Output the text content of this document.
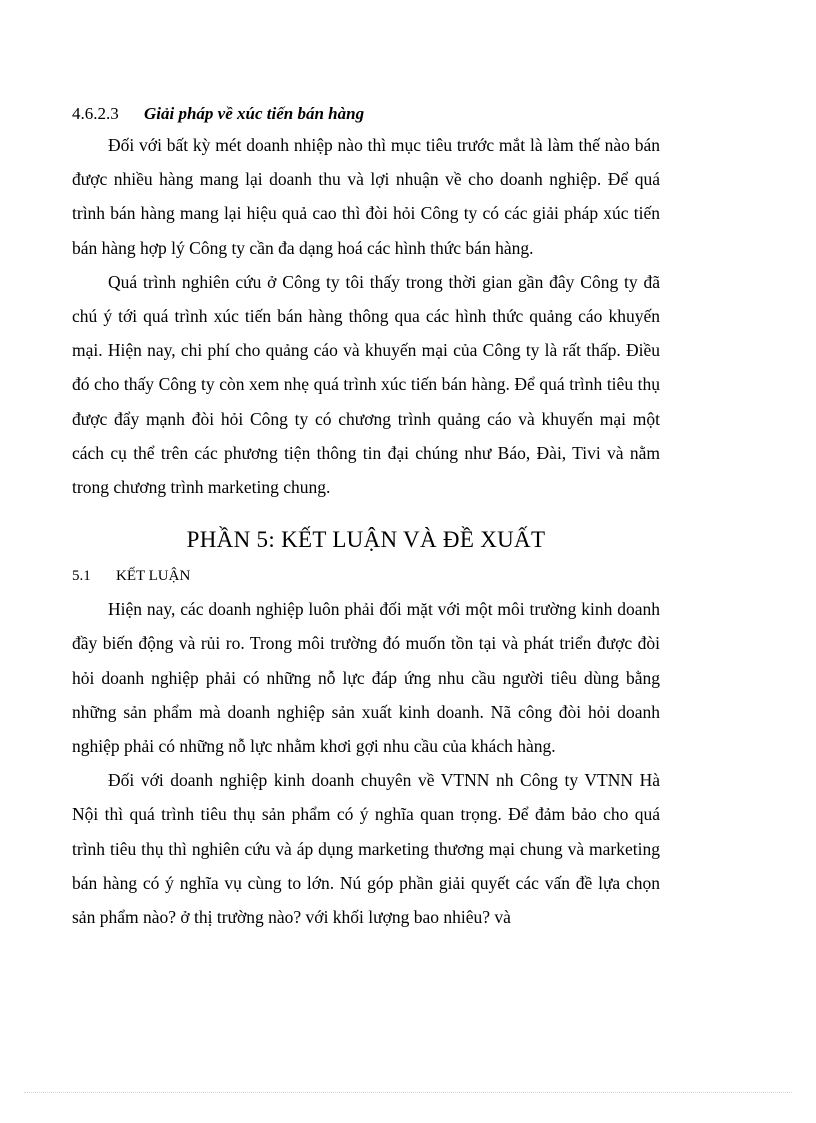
4.6.2.3 Giải pháp về xúc tiến bán hàng

Đối với bất kỳ mét doanh nhiệp nào thì mục tiêu trước mắt là làm thế nào bán được nhiều hàng mang lại doanh thu và lợi nhuận về cho doanh nghiệp. Để quá trình bán hàng mang lại hiệu quả cao thì đòi hỏi Công ty có các giải pháp xúc tiến bán hàng hợp lý Công ty cần đa dạng hoá các hình thức bán hàng.

Quá trình nghiên cứu ở Công ty tôi thấy trong thời gian gần đây Công ty đã chú ý tới quá trình xúc tiến bán hàng thông qua các hình thức quảng cáo khuyến mại. Hiện nay, chi phí cho quảng cáo và khuyến mại của Công ty là rất thấp. Điều đó cho thấy Công ty còn xem nhẹ quá trình xúc tiến bán hàng. Để quá trình tiêu thụ được đẩy mạnh đòi hỏi Công ty có chương trình quảng cáo và khuyến mại một cách cụ thể trên các phương tiện thông tin đại chúng như Báo, Đài, Tivi và nằm trong chương trình marketing chung.

PHẦN 5: KẾT LUẬN VÀ ĐỀ XUẤT
5.1 KẾT LUẬN

Hiện nay, các doanh nghiệp luôn phải đối mặt với một môi trường kinh doanh đầy biến động và rủi ro. Trong môi trường đó muốn tồn tại và phát triển được đòi hỏi doanh nghiệp phải có những nỗ lực đáp ứng nhu cầu người tiêu dùng bằng những sản phẩm mà doanh nghiệp sản xuất kinh doanh. Nã công đòi hỏi doanh nghiệp phải có những nỗ lực nhằm khơi gợi nhu cầu của khách hàng.

Đối với doanh nghiệp kinh doanh chuyên về VTNN nh Công ty VTNN Hà Nội thì quá trình tiêu thụ sản phẩm có ý nghĩa quan trọng. Để đảm bảo cho quá trình tiêu thụ thì nghiên cứu và áp dụng marketing thương mại chung và marketing bán hàng có ý nghĩa vụ cùng to lớn. Nú góp phần giải quyết các vấn đề lựa chọn sản phẩm nào? ở thị trường nào? với khối lượng bao nhiêu? và
